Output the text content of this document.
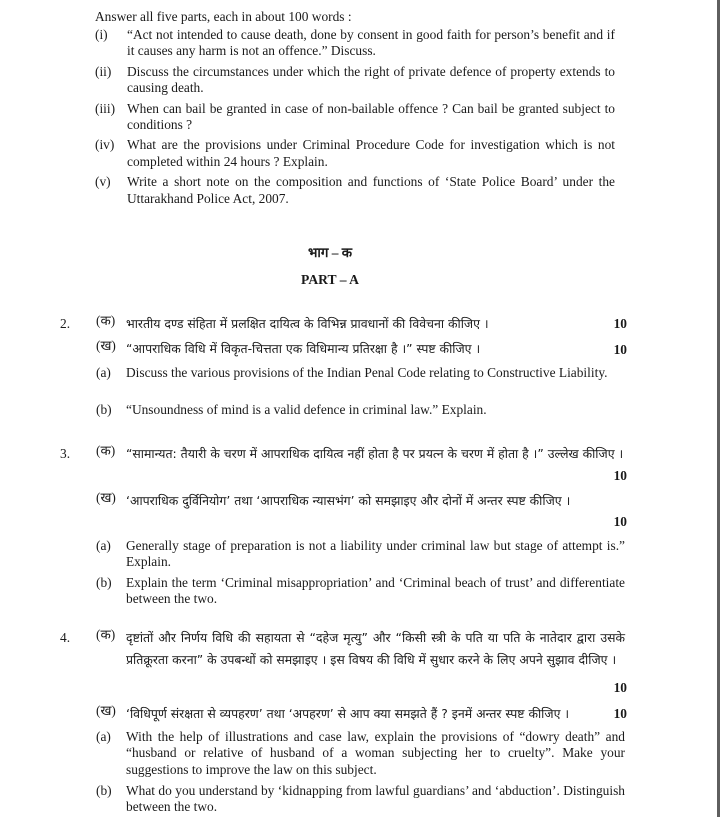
Answer all five parts, each in about 100 words :
(i)	“Act not intended to cause death, done by consent in good faith for person’s benefit and if it causes any harm is not an offence.” Discuss.
(ii)	Discuss the circumstances under which the right of private defence of property extends to causing death.
(iii) When can bail be granted in case of non-bailable offence ? Can bail be granted subject to conditions ?
(iv) What are the provisions under Criminal Procedure Code for investigation which is not completed within 24 hours ? Explain.
(v)	Write a short note on the composition and functions of ‘State Police Board’ under the Uttarakhand Police Act, 2007.
भाग – क
PART – A
2.	(क) भारतीय दण्ड संहिता में प्रलक्षित दायित्व के विभिन्न प्रावधानों की विवेचना कीजिए ।	10
(ख) “आपराधिक विधि में विकृत-चित्तता एक विधिमान्य प्रतिरक्षा है ।” स्पष्ट कीजिए ।	10
(a)	Discuss the various provisions of the Indian Penal Code relating to Constructive Liability.
(b)	“Unsoundness of mind is a valid defence in criminal law.” Explain.
3.	(क) “सामान्यत: तैयारी के चरण में आपराधिक दायित्व नहीं होता है पर प्रयत्न के चरण में होता है ।” उल्लेख कीजिए ।
10
(ख) ‘आपराधिक दुर्विनियोग’ तथा ‘आपराधिक न्यासभंग’ को समझाइए और दोनों में अन्तर स्पष्ट कीजिए ।
10
(a)	Generally stage of preparation is not a liability under criminal law but stage of attempt is.” Explain.
(b)	Explain the term ‘Criminal misappropriation’ and ‘Criminal beach of trust’ and differentiate between the two.
4.	(क) दृष्टांतों और निर्णय विधि की सहायता से “दहेज मृत्यु” और “किसी स्त्री के पति या पति के नातेदार द्वारा उसके प्रतिक्रूरता करना” के उपबन्धों को समझाइए । इस विषय की विधि में सुधार करने के लिए अपने सुझाव दीजिए ।
10
(ख) ‘विधिपूर्ण संरक्षता से व्यपहरण’ तथा ‘अपहरण’ से आप क्या समझते हैं ? इनमें अन्तर स्पष्ट कीजिए ।	10
(a)	With the help of illustrations and case law, explain the provisions of “dowry death” and “husband or relative of husband of a woman subjecting her to cruelty”. Make your suggestions to improve the law on this subject.
(b)	What do you understand by ‘kidnapping from lawful guardians’ and ‘abduction’. Distinguish between the two.
